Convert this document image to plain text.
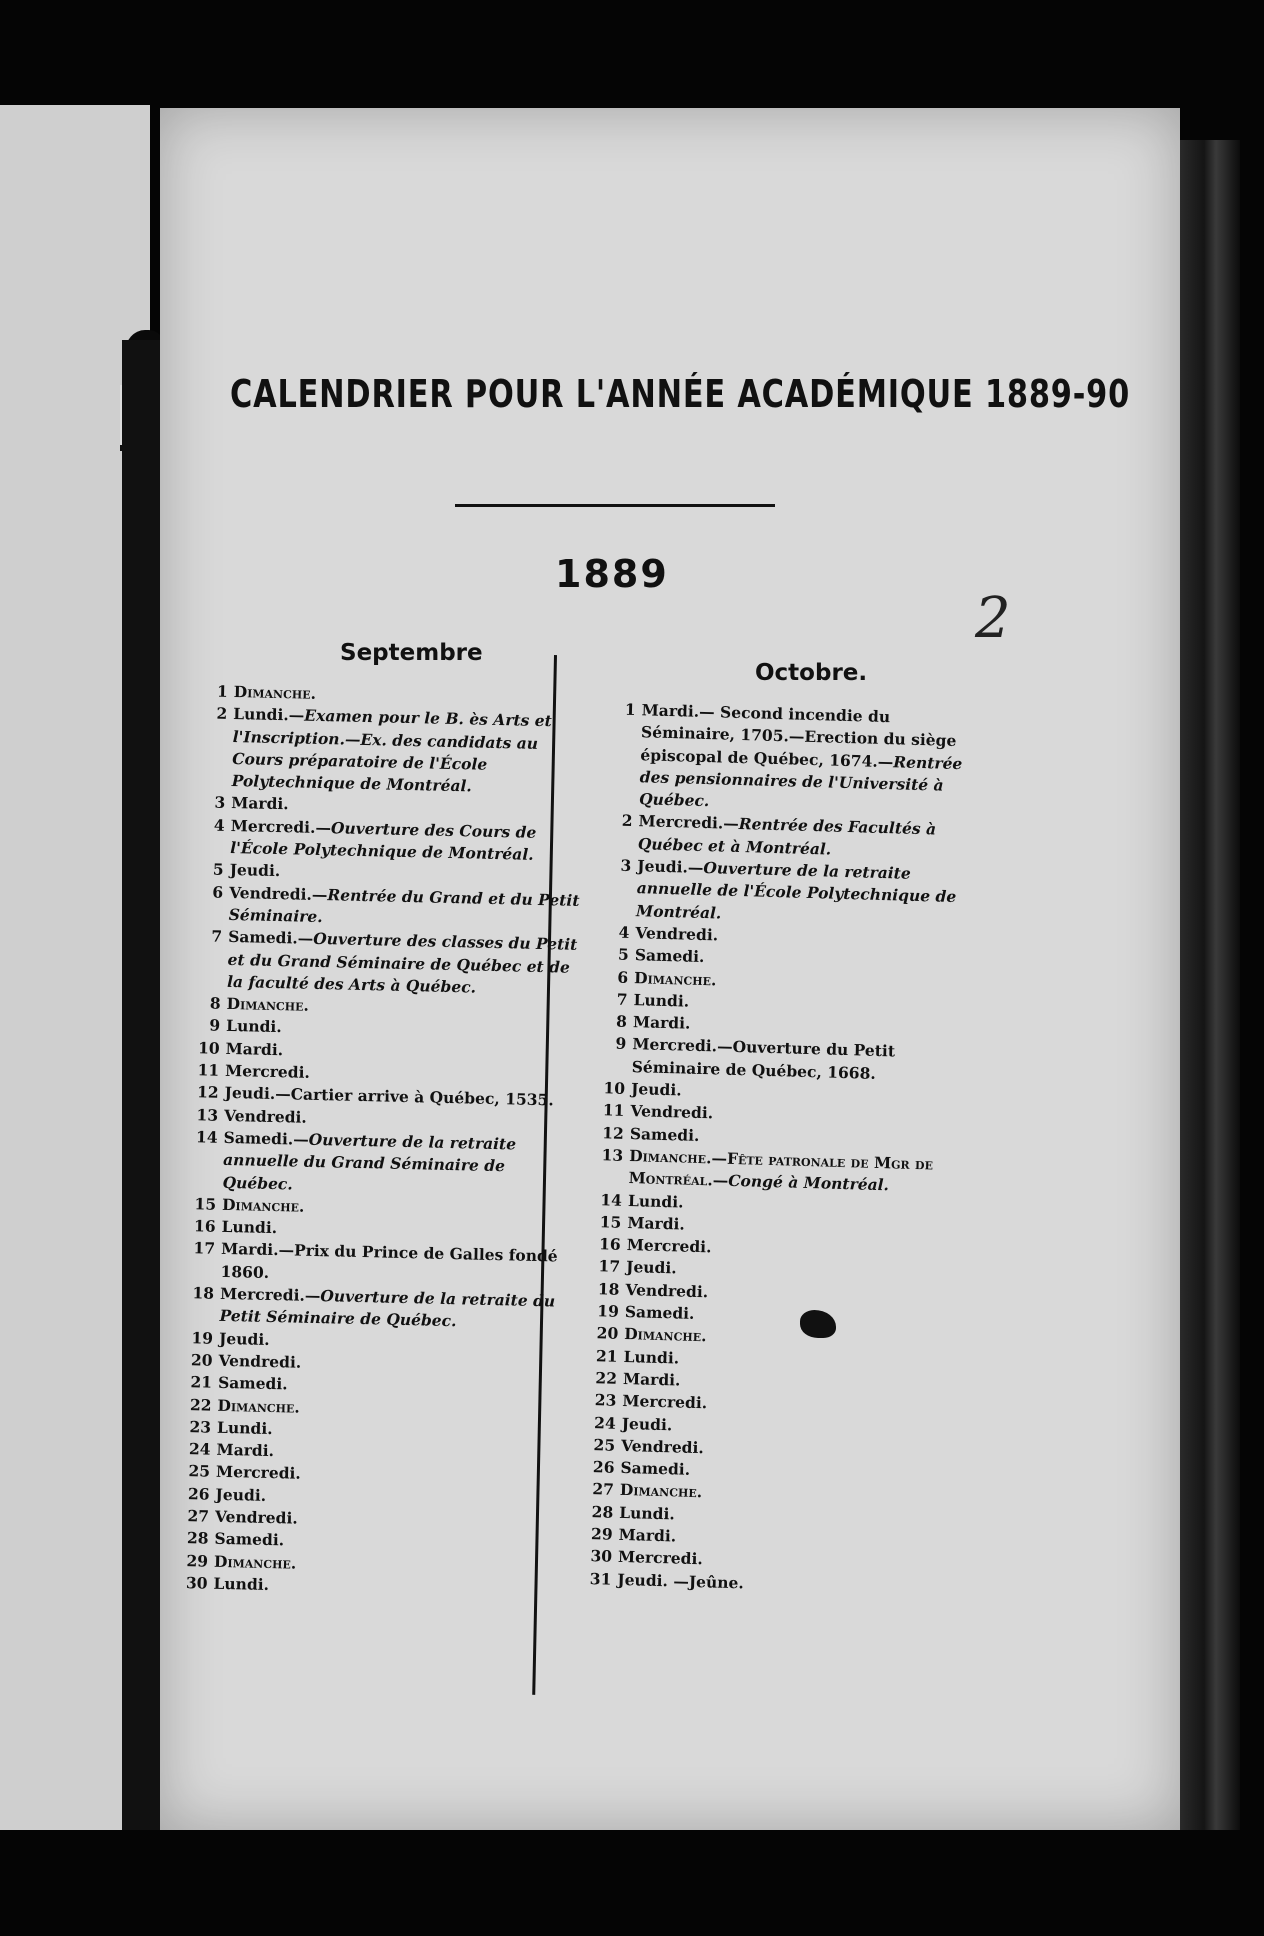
CALENDRIER POUR L'ANNÉE ACADÉMIQUE 1889-90
1889
2
Septembre
Octobre.
1 Dimanche.
2 Lundi.—Examen pour le B. ès Arts et l'Inscription.—Ex. des candidats au Cours préparatoire de l'École Polytechnique de Montréal.
3 Mardi.
4 Mercredi.—Ouverture des Cours de l'École Polytechnique de Montréal.
5 Jeudi.
6 Vendredi.—Rentrée du Grand et du Petit Séminaire.
7 Samedi.—Ouverture des classes du Petit et du Grand Séminaire de Québec et de la faculté des Arts à Québec.
8 Dimanche.
9 Lundi.
10 Mardi.
11 Mercredi.
12 Jeudi.—Cartier arrive à Québec, 1535.
13 Vendredi.
14 Samedi.—Ouverture de la retraite annuelle du Grand Séminaire de Québec.
15 Dimanche.
16 Lundi.
17 Mardi.—Prix du Prince de Galles fondé 1860.
18 Mercredi.—Ouverture de la retraite du Petit Séminaire de Québec.
19 Jeudi.
20 Vendredi.
21 Samedi.
22 Dimanche.
23 Lundi.
24 Mardi.
25 Mercredi.
26 Jeudi.
27 Vendredi.
28 Samedi.
29 Dimanche.
30 Lundi.
1 Mardi.— Second incendie du Séminaire, 1705.—Erection du siège épiscopal de Québec, 1674.—Rentrée des pensionnaires de l'Université à Québec.
2 Mercredi.—Rentrée des Facultés à Québec et à Montréal.
3 Jeudi.—Ouverture de la retraite annuelle de l'École Polytechnique de Montréal.
4 Vendredi.
5 Samedi.
6 Dimanche.
7 Lundi.
8 Mardi.
9 Mercredi.—Ouverture du Petit Séminaire de Québec, 1668.
10 Jeudi.
11 Vendredi.
12 Samedi.
13 Dimanche.—Fête patronale de Mgr de Montréal.—Congé à Montréal.
14 Lundi.
15 Mardi.
16 Mercredi.
17 Jeudi.
18 Vendredi.
19 Samedi.
20 Dimanche.
21 Lundi.
22 Mardi.
23 Mercredi.
24 Jeudi.
25 Vendredi.
26 Samedi.
27 Dimanche.
28 Lundi.
29 Mardi.
30 Mercredi.
31 Jeudi. —Jeûne.
